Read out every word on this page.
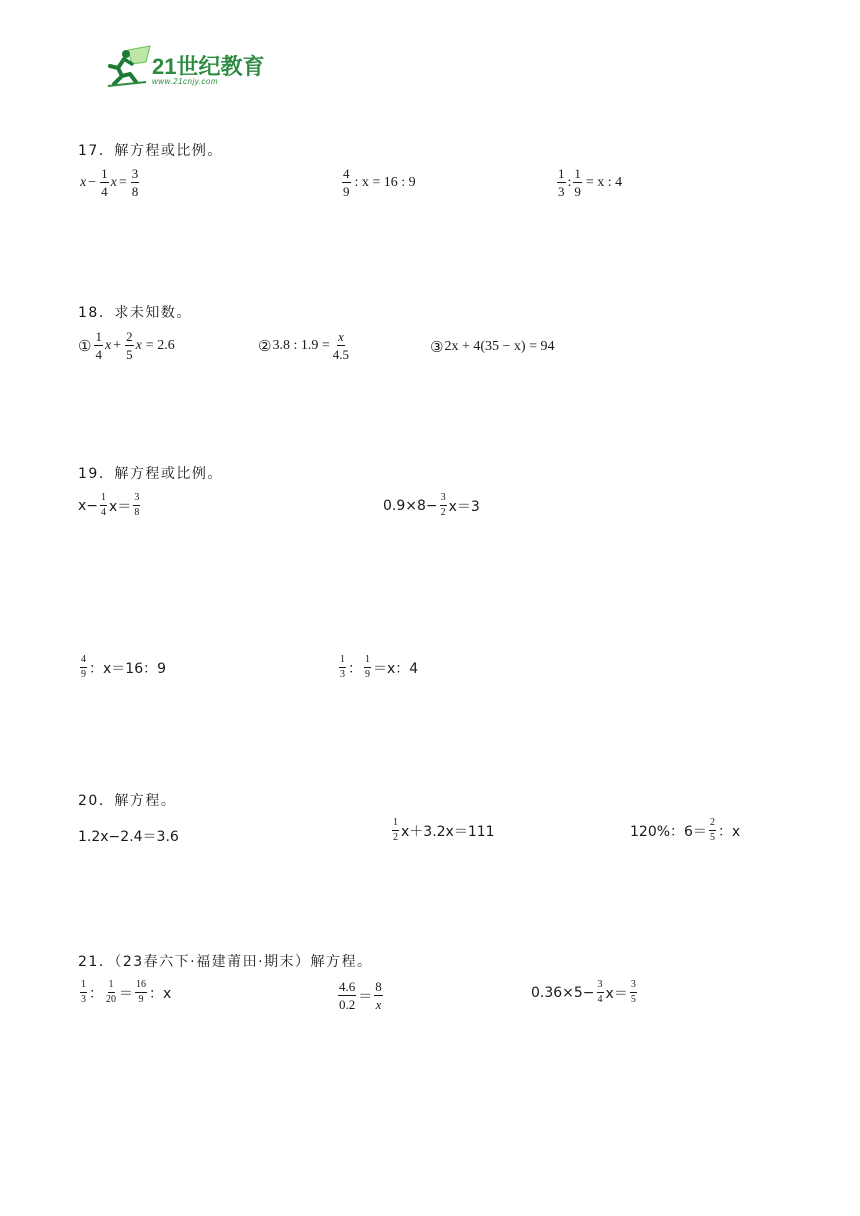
21世纪教育
www.21cnjy.com
17．解方程或比例。
$x - \frac{1}{4}$ $x = \frac{3}{8}$	$\frac{4}{9}$ : x = 16 : 9	$\frac{1}{3}$ : $\frac{1}{9} = x$ : 4
18．求未知数。
① $\frac{1}{4}$ $x + \frac{2}{5}$ x = 2.6	② 3.8 : $1.9 = \frac{x}{4.5}$	③ 2x + 4(35 − x) = 94
19．解方程或比例。
$x- \frac{1}{4} x= \frac{3}{8}$	$0.9\times 8- \frac{3}{2} x=3$
$\frac{4}{9}$ ：x＝16：9	$\frac{1}{3}$ ： $\frac{1}{9} =x$：4
20．解方程。
1.2x−2.4＝3.6	$\frac{1}{2} x+3.2x=111$	120%：$6= \frac{2}{5}$ ：x
21．（23春六下·福建莆田·期末）解方程。
$\frac{1}{3}$ ： $\frac{1}{20} = \frac{16}{9}$ ：x	$\frac{4.6}{0.2} = \frac{8}{x}$	$0.36\times 5- \frac{3}{4} x= \frac{3}{5}$
